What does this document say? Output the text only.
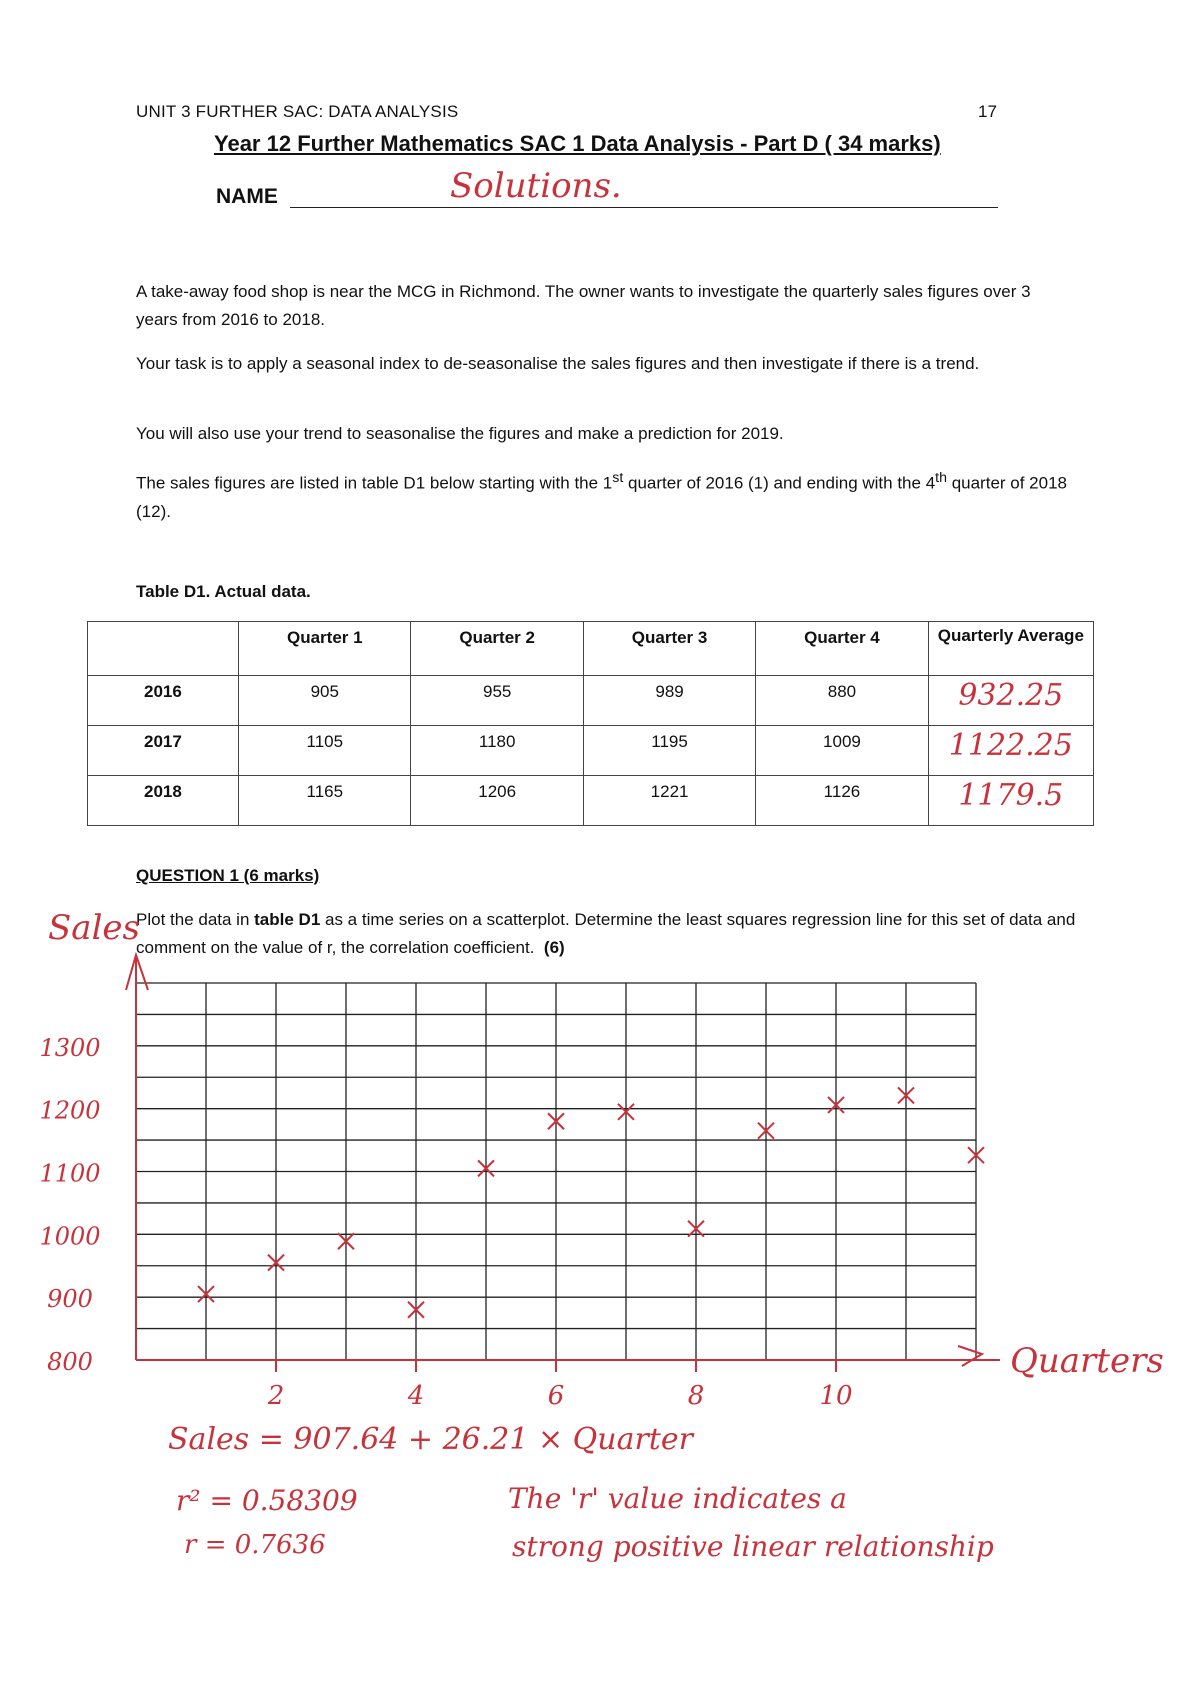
UNIT 3 FURTHER SAC: DATA ANALYSIS	17
Year 12 Further Mathematics SAC 1 Data Analysis - Part D ( 34 marks)
NAME	Solutions.
A take-away food shop is near the MCG in Richmond. The owner wants to investigate the quarterly sales figures over 3 years from 2016 to 2018.
Your task is to apply a seasonal index to de-seasonalise the sales figures and then investigate if there is a trend.
You will also use your trend to seasonalise the figures and make a prediction for 2019.
The sales figures are listed in table D1 below starting with the 1st quarter of 2016 (1) and ending with the 4th quarter of 2018 (12).
Table D1. Actual data.
	Quarter 1	Quarter 2	Quarter 3	Quarter 4	Quarterly Average
2016	905	955	989	880	932.25
2017	1105	1180	1195	1009	1122.25
2018	1165	1206	1221	1126	1179.5
QUESTION 1 (6 marks)
Plot the data in table D1 as a time series on a scatterplot. Determine the least squares regression line for this set of data and comment on the value of r, the correlation coefficient. (6)
Sales
2	4	6	8	10
800
900
1000
1100
1200
1300
Quarters
Sales = 907.64 + 26.21 × Quarter
r² = 0.58309
r = 0.7636
The 'r' value indicates a
strong positive linear relationship
